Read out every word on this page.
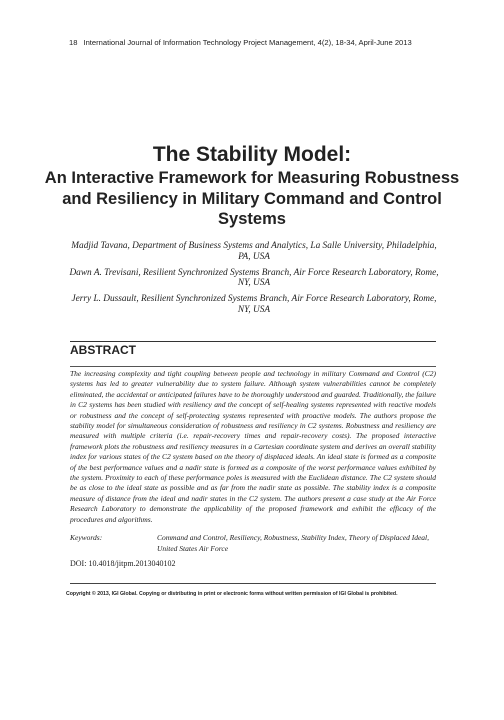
18 International Journal of Information Technology Project Management, 4(2), 18-34, April-June 2013
The Stability Model:
An Interactive Framework for Measuring Robustness and Resiliency in Military Command and Control Systems
Madjid Tavana, Department of Business Systems and Analytics, La Salle University, Philadelphia, PA, USA
Dawn A. Trevisani, Resilient Synchronized Systems Branch, Air Force Research Laboratory, Rome, NY, USA
Jerry L. Dussault, Resilient Synchronized Systems Branch, Air Force Research Laboratory, Rome, NY, USA
ABSTRACT
The increasing complexity and tight coupling between people and technology in military Command and Control (C2) systems has led to greater vulnerability due to system failure. Although system vulnerabilities cannot be completely eliminated, the accidental or anticipated failures have to be thoroughly understood and guarded. Traditionally, the failure in C2 systems has been studied with resiliency and the concept of self-healing systems represented with reactive models or robustness and the concept of self-protecting systems represented with proactive models. The authors propose the stability model for simultaneous consideration of robustness and resiliency in C2 systems. Robustness and resiliency are measured with multiple criteria (i.e. repair-recovery times and repair-recovery costs). The proposed interactive framework plots the robustness and resiliency measures in a Cartesian coordinate system and derives an overall stability index for various states of the C2 system based on the theory of displaced ideals. An ideal state is formed as a composite of the best performance values and a nadir state is formed as a composite of the worst performance values exhibited by the system. Proximity to each of these performance poles is measured with the Euclidean distance. The C2 system should be as close to the ideal state as possible and as far from the nadir state as possible. The stability index is a composite measure of distance from the ideal and nadir states in the C2 system. The authors present a case study at the Air Force Research Laboratory to demonstrate the applicability of the proposed framework and exhibit the efficacy of the procedures and algorithms.
Keywords:	Command and Control, Resiliency, Robustness, Stability Index, Theory of Displaced Ideal, United States Air Force
DOI: 10.4018/jitpm.2013040102
Copyright © 2013, IGI Global. Copying or distributing in print or electronic forms without written permission of IGI Global is prohibited.
